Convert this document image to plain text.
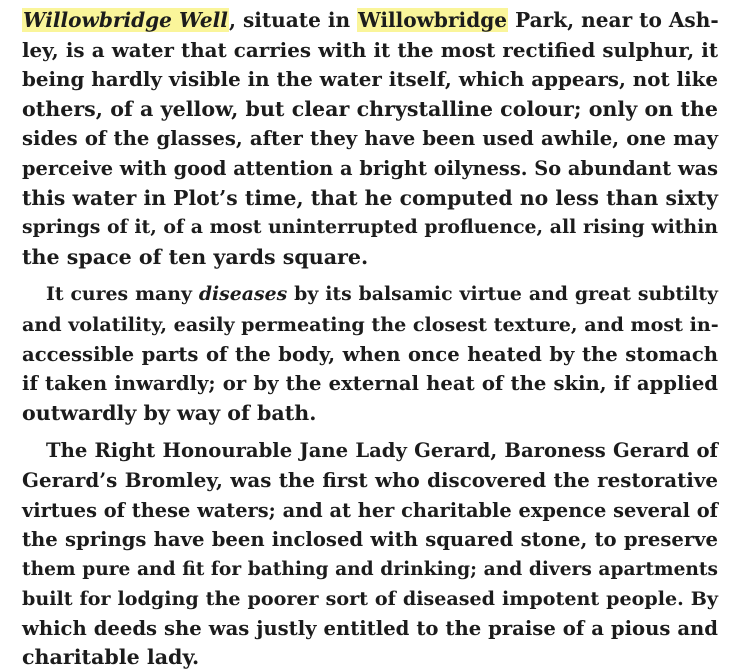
Willowbridge Well, situate in Willowbridge Park, near to Ash-
ley, is a water that carries with it the most rectified sulphur, it
being hardly visible in the water itself, which appears, not like
others, of a yellow, but clear chrystalline colour; only on the
sides of the glasses, after they have been used awhile, one may
perceive with good attention a bright oilyness. So abundant was
this water in Plot’s time, that he computed no less than sixty
springs of it, of a most uninterrupted profluence, all rising within
the space of ten yards square.
It cures many diseases by its balsamic virtue and great subtilty
and volatility, easily permeating the closest texture, and most in-
accessible parts of the body, when once heated by the stomach
if taken inwardly; or by the external heat of the skin, if applied
outwardly by way of bath.
The Right Honourable Jane Lady Gerard, Baroness Gerard of
Gerard’s Bromley, was the first who discovered the restorative
virtues of these waters; and at her charitable expence several of
the springs have been inclosed with squared stone, to preserve
them pure and fit for bathing and drinking; and divers apartments
built for lodging the poorer sort of diseased impotent people. By
which deeds she was justly entitled to the praise of a pious and
charitable lady.
